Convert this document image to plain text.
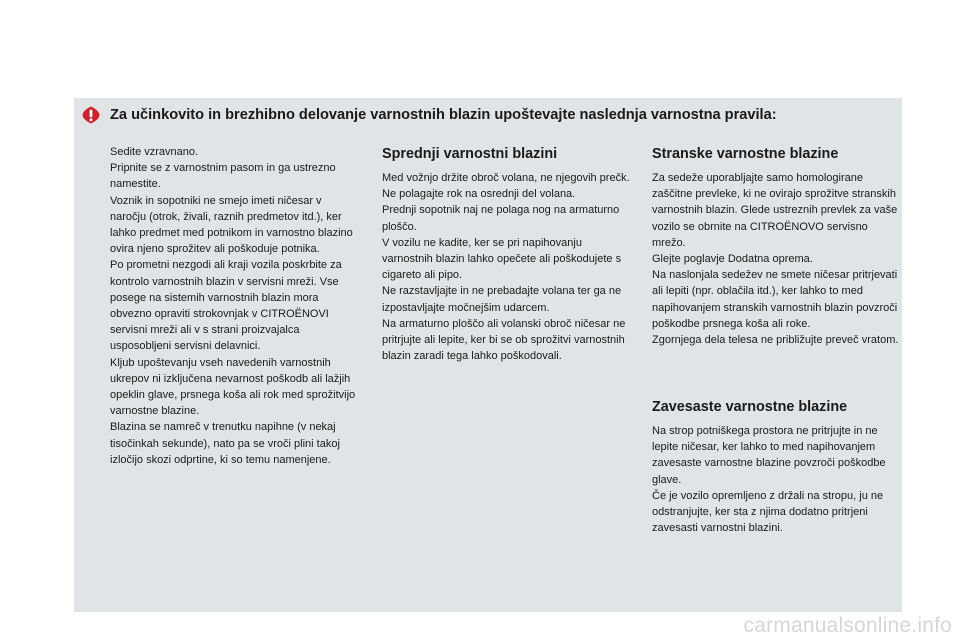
Za učinkovito in brezhibno delovanje varnostnih blazin upoštevajte naslednja varnostna pravila:

Sedite vzravnano.
Pripnite se z varnostnim pasom in ga ustrezno namestite.
Voznik in sopotniki ne smejo imeti ničesar v naročju (otrok, živali, raznih predmetov itd.), ker lahko predmet med potnikom in varnostno blazino ovira njeno sprožitev ali poškoduje potnika.
Po prometni nezgodi ali kraji vozila poskrbite za kontrolo varnostnih blazin v servisni mreži. Vse posege na sistemih varnostnih blazin mora obvezno opraviti strokovnjak v CITROËNOVI servisni mreži ali v s strani proizvajalca usposobljeni servisni delavnici.
Kljub upoštevanju vseh navedenih varnostnih ukrepov ni izključena nevarnost poškodb ali lažjih opeklin glave, prsnega koša ali rok med sprožitvijo varnostne blazine.
Blazina se namreč v trenutku napihne (v nekaj tisočinkah sekunde), nato pa se vroči plini takoj izločijo skozi odprtine, ki so temu namenjene.

Sprednji varnostni blazini

Med vožnjo držite obroč volana, ne njegovih prečk. Ne polagajte rok na osrednji del volana.
Prednji sopotnik naj ne polaga nog na armaturno ploščo.
V vozilu ne kadite, ker se pri napihovanju varnostnih blazin lahko opečete ali poškodujete s cigareto ali pipo.
Ne razstavljajte in ne prebadajte volana ter ga ne izpostavljajte močnejšim udarcem.
Na armaturno ploščo ali volanski obroč ničesar ne pritrjujte ali lepite, ker bi se ob sprožitvi varnostnih blazin zaradi tega lahko poškodovali.

Stranske varnostne blazine

Za sedeže uporabljajte samo homologirane zaščitne prevleke, ki ne ovirajo sprožitve stranskih varnostnih blazin. Glede ustreznih prevlek za vaše vozilo se obrnite na CITROËNOVO servisno mrežo.
Glejte poglavje Dodatna oprema.
Na naslonjala sedežev ne smete ničesar pritrjevati ali lepiti (npr. oblačila itd.), ker lahko to med napihovanjem stranskih varnostnih blazin povzroči poškodbe prsnega koša ali roke.
Zgornjega dela telesa ne približujte preveč vratom.

Zavesaste varnostne blazine

Na strop potniškega prostora ne pritrjujte in ne lepite ničesar, ker lahko to med napihovanjem zavesaste varnostne blazine povzroči poškodbe glave.
Če je vozilo opremljeno z držali na stropu, ju ne odstranjujte, ker sta z njima dodatno pritrjeni zavesasti varnostni blazini.

carmanualsonline.info
